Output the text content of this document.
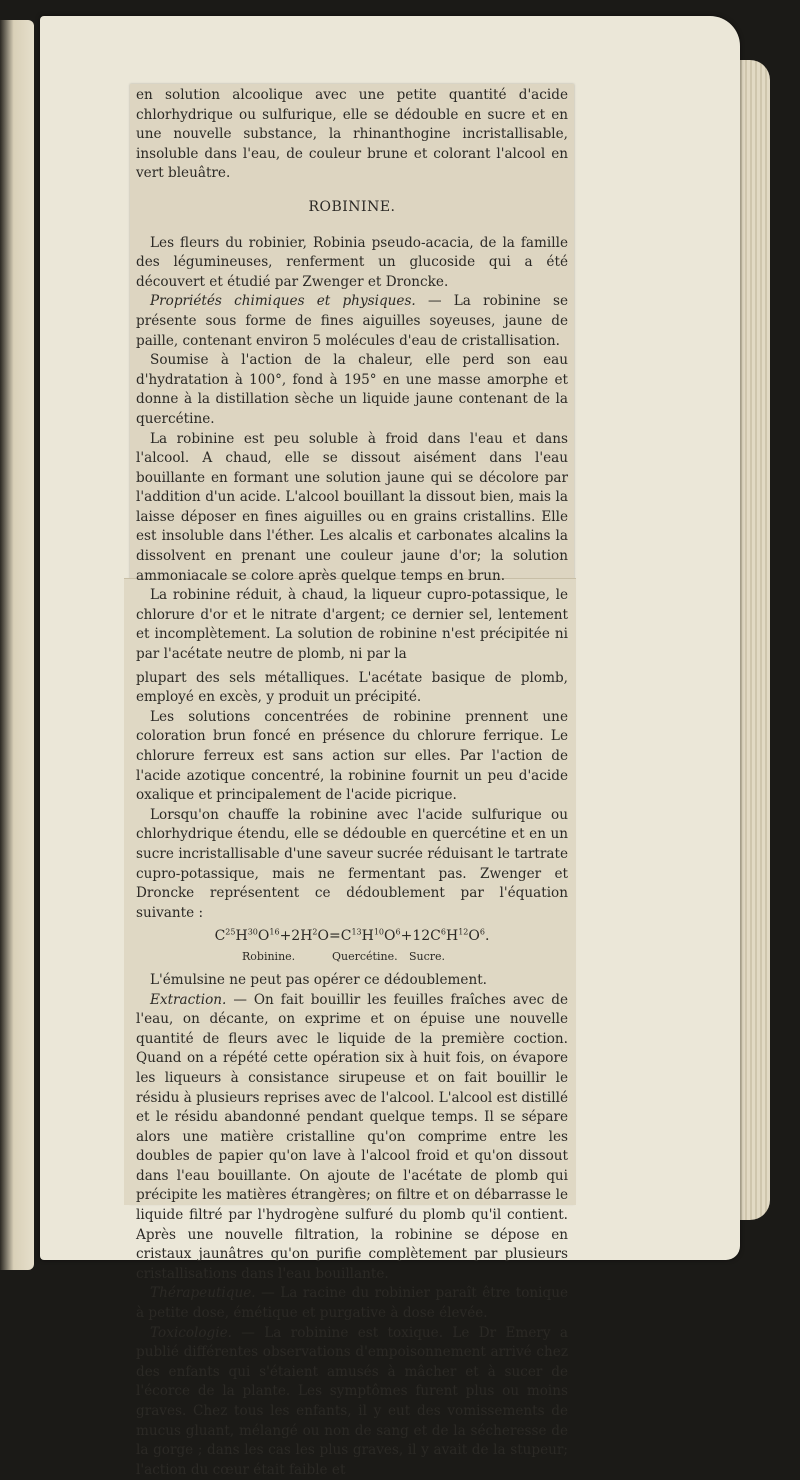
en solution alcoolique avec une petite quantité d'acide chlorhydrique ou sulfurique, elle se dédouble en sucre et en une nouvelle substance, la rhinanthogine incristallisable, insoluble dans l'eau, de couleur brune et colorant l'alcool en vert bleuâtre.

ROBININE.

Les fleurs du robinier, Robinia pseudo-acacia, de la famille des légumineuses, renferment un glucoside qui a été découvert et étudié par Zwenger et Droncke.

Propriétés chimiques et physiques. — La robinine se présente sous forme de fines aiguilles soyeuses, jaune de paille, contenant environ 5 molécules d'eau de cristallisation.

Soumise à l'action de la chaleur, elle perd son eau d'hydratation à 100°, fond à 195° en une masse amorphe et donne à la distillation sèche un liquide jaune contenant de la quercétine.

La robinine est peu soluble à froid dans l'eau et dans l'alcool. A chaud, elle se dissout aisément dans l'eau bouillante en formant une solution jaune qui se décolore par l'addition d'un acide. L'alcool bouillant la dissout bien, mais la laisse déposer en fines aiguilles ou en grains cristallins. Elle est insoluble dans l'éther. Les alcalis et carbonates alcalins la dissolvent en prenant une couleur jaune d'or; la solution ammoniacale se colore après quelque temps en brun.

La robinine réduit, à chaud, la liqueur cupro-potassique, le chlorure d'or et le nitrate d'argent; ce dernier sel, lentement et incomplètement. La solution de robinine n'est précipitée ni par l'acétate neutre de plomb, ni par la

plupart des sels métalliques. L'acétate basique de plomb, employé en excès, y produit un précipité.

Les solutions concentrées de robinine prennent une coloration brun foncé en présence du chlorure ferrique. Le chlorure ferreux est sans action sur elles. Par l'action de l'acide azotique concentré, la robinine fournit un peu d'acide oxalique et principalement de l'acide picrique.

Lorsqu'on chauffe la robinine avec l'acide sulfurique ou chlorhydrique étendu, elle se dédouble en quercétine et en un sucre incristallisable d'une saveur sucrée réduisant le tartrate cupro-potassique, mais ne fermentant pas. Zwenger et Droncke représentent ce dédoublement par l'équation suivante :

$C^{25}H^{30}O^{16}+2H^2O=C^{13}H^{10}O^6+12C^6H^{12}O^6$.
Robinine.	Quercétine. Sucre.

L'émulsine ne peut pas opérer ce dédoublement.

Extraction. — On fait bouillir les feuilles fraîches avec de l'eau, on décante, on exprime et on épuise une nouvelle quantité de fleurs avec le liquide de la première coction. Quand on a répété cette opération six à huit fois, on évapore les liqueurs à consistance sirupeuse et on fait bouillir le résidu à plusieurs reprises avec de l'alcool. L'alcool est distillé et le résidu abandonné pendant quelque temps. Il se sépare alors une matière cristalline qu'on comprime entre les doubles de papier qu'on lave à l'alcool froid et qu'on dissout dans l'eau bouillante. On ajoute de l'acétate de plomb qui précipite les matières étrangères; on filtre et on débarrasse le liquide filtré par l'hydrogène sulfuré du plomb qu'il contient. Après une nouvelle filtration, la robinine se dépose en cristaux jaunâtres qu'on purifie complètement par plusieurs cristallisations dans l'eau bouillante.

Thérapeutique. — La racine du robinier paraît être tonique à petite dose, émétique et purgative à dose élevée.

Toxicologie. — La robinine est toxique. Le Dr Emery a publié différentes observations d'empoisonnement arrivé chez des enfants qui s'étaient amusés à mâcher et à sucer de l'écorce de la plante. Les symptômes furent plus ou moins graves. Chez tous les enfants, il y eut des vomissements de mucus gluant, mélangé ou non de sang et de la sécheresse de la gorge ; dans les cas les plus graves, il y avait de la stupeur; l'action du cœur était faible et
